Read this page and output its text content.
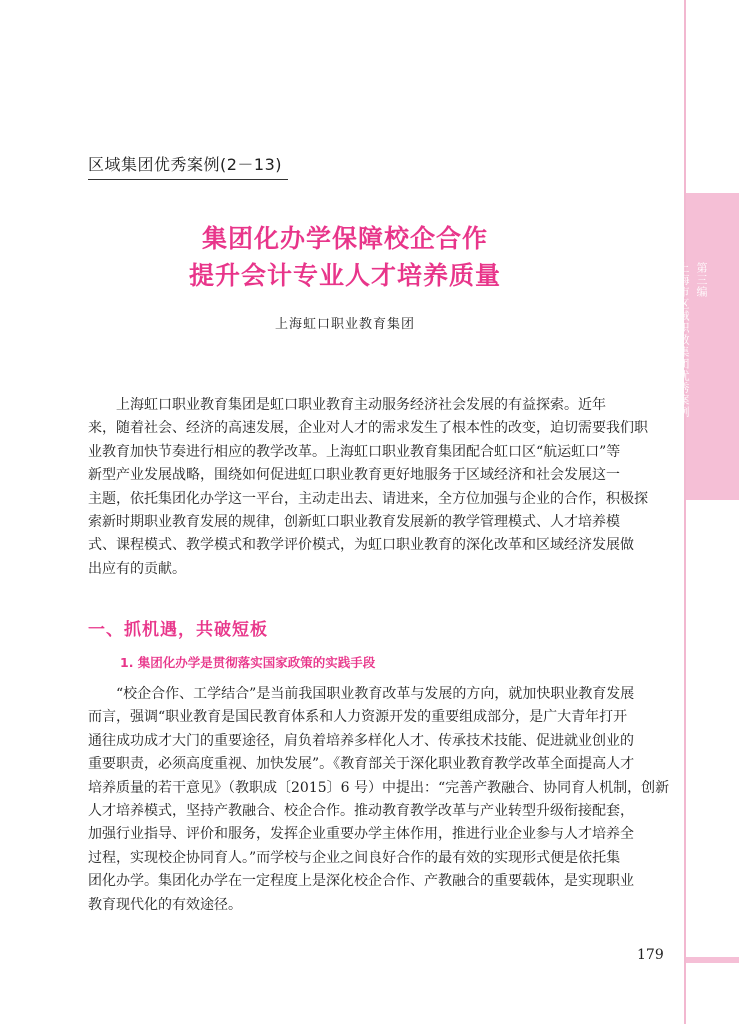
第三编
上海市区域职教集团优秀案例
区域集团优秀案例(2－13)
集团化办学保障校企合作
提升会计专业人才培养质量
上海虹口职业教育集团
上海虹口职业教育集团是虹口职业教育主动服务经济社会发展的有益探索。近年
来，随着社会、经济的高速发展，企业对人才的需求发生了根本性的改变，迫切需要我们职
业教育加快节奏进行相应的教学改革。上海虹口职业教育集团配合虹口区“航运虹口”等
新型产业发展战略，围绕如何促进虹口职业教育更好地服务于区域经济和社会发展这一
主题，依托集团化办学这一平台，主动走出去、请进来，全方位加强与企业的合作，积极探
索新时期职业教育发展的规律，创新虹口职业教育发展新的教学管理模式、人才培养模
式、课程模式、教学模式和教学评价模式，为虹口职业教育的深化改革和区域经济发展做
出应有的贡献。
一、抓机遇，共破短板
1. 集团化办学是贯彻落实国家政策的实践手段
“校企合作、工学结合”是当前我国职业教育改革与发展的方向，就加快职业教育发展
而言，强调“职业教育是国民教育体系和人力资源开发的重要组成部分，是广大青年打开
通往成功成才大门的重要途径，肩负着培养多样化人才、传承技术技能、促进就业创业的
重要职责，必须高度重视、加快发展”。《教育部关于深化职业教育教学改革全面提高人才
培养质量的若干意见》（教职成〔2015〕6 号）中提出：“完善产教融合、协同育人机制，创新
人才培养模式，坚持产教融合、校企合作。推动教育教学改革与产业转型升级衔接配套，
加强行业指导、评价和服务，发挥企业重要办学主体作用，推进行业企业参与人才培养全
过程，实现校企协同育人。”而学校与企业之间良好合作的最有效的实现形式便是依托集
团化办学。集团化办学在一定程度上是深化校企合作、产教融合的重要载体，是实现职业
教育现代化的有效途径。
179
